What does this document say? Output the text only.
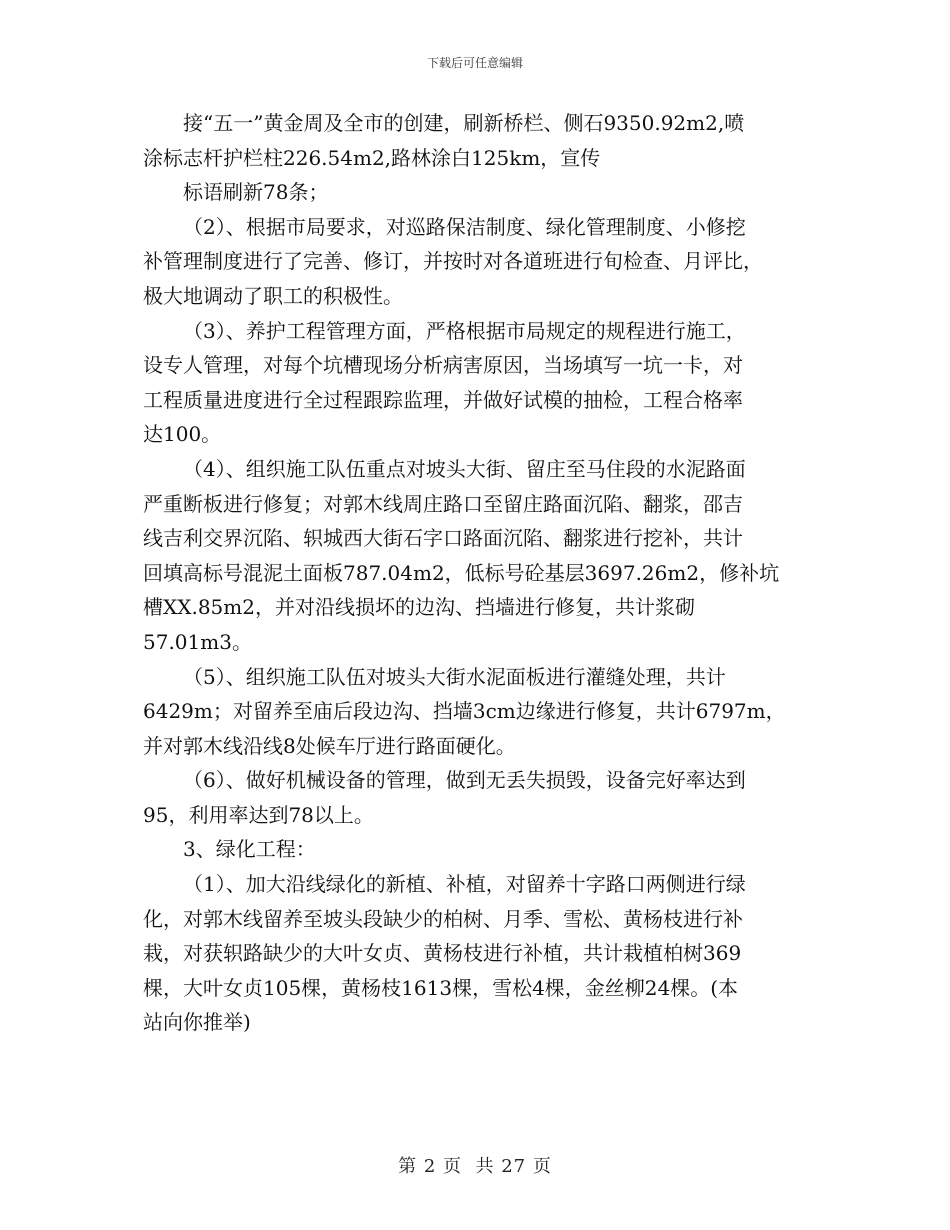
下载后可任意编辑
接“五一”黄金周及全市的创建，刷新桥栏、侧石9350.92m2,喷
涂标志杆护栏柱226.54m2,路林涂白125km，宣传
标语刷新78条；
（2）、根据市局要求，对巡路保洁制度、绿化管理制度、小修挖
补管理制度进行了完善、修订，并按时对各道班进行旬检查、月评比，
极大地调动了职工的积极性。
（3）、养护工程管理方面，严格根据市局规定的规程进行施工，
设专人管理，对每个坑槽现场分析病害原因，当场填写一坑一卡，对
工程质量进度进行全过程跟踪监理，并做好试模的抽检，工程合格率
达100。
（4）、组织施工队伍重点对坡头大街、留庄至马住段的水泥路面
严重断板进行修复；对郭木线周庄路口至留庄路面沉陷、翻浆，邵吉
线吉利交界沉陷、轵城西大街石字口路面沉陷、翻浆进行挖补，共计
回填高标号混泥土面板787.04m2，低标号砼基层3697.26m2，修补坑
槽XX.85m2，并对沿线损坏的边沟、挡墙进行修复，共计浆砌
57.01m3。
（5）、组织施工队伍对坡头大街水泥面板进行灌缝处理，共计
6429m；对留养至庙后段边沟、挡墙3cm边缘进行修复，共计6797m，
并对郭木线沿线8处候车厅进行路面硬化。
（6）、做好机械设备的管理，做到无丢失损毁，设备完好率达到
95，利用率达到78以上。
3、绿化工程：
（1）、加大沿线绿化的新植、补植，对留养十字路口两侧进行绿
化，对郭木线留养至坡头段缺少的柏树、月季、雪松、黄杨枝进行补
栽，对获轵路缺少的大叶女贞、黄杨枝进行补植，共计栽植柏树369
棵，大叶女贞105棵，黄杨枝1613棵，雪松4棵，金丝柳24棵。(本
站向你推举)
第 2 页  共 27 页
